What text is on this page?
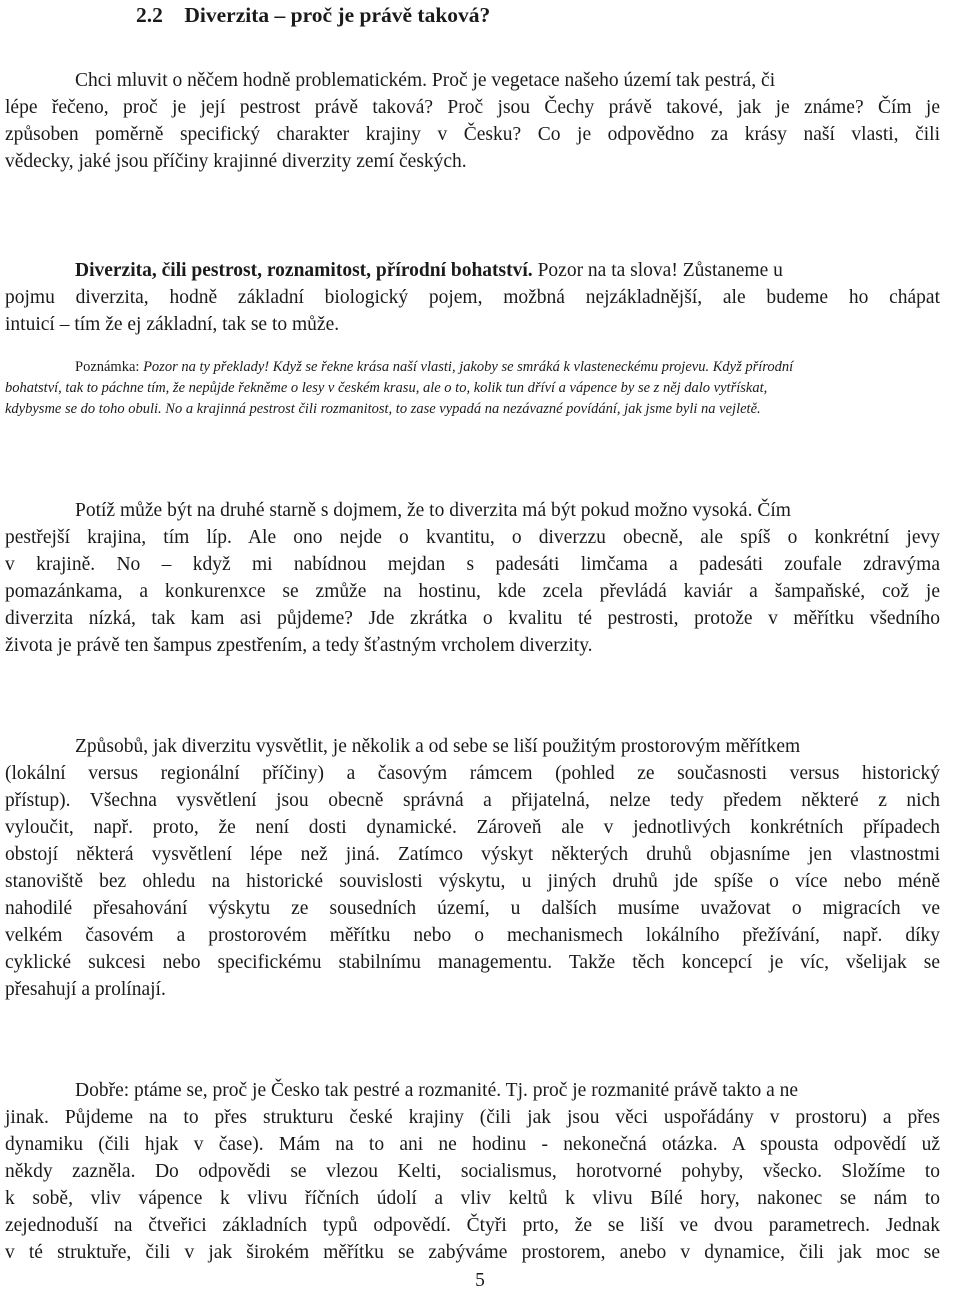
2.2 Diverzita – proč je právě taková?

Chci mluvit o něčem hodně problematickém. Proč je vegetace našeho území tak pestrá, či
lépe řečeno, proč je její pestrost právě taková? Proč jsou Čechy právě takové, jak je známe? Čím je
způsoben poměrně specifický charakter krajiny v Česku? Co je odpovědno za krásy naší vlasti, čili
vědecky, jaké jsou příčiny krajinné diverzity zemí českých.

Diverzita, čili pestrost, roznamitost, přírodní bohatství. Pozor na ta slova! Zůstaneme u
pojmu diverzita, hodně základní biologický pojem, možbná nejzákladnější, ale budeme ho chápat
intuicí – tím že ej základní, tak se to může.

Poznámka: Pozor na ty překlady! Když se řekne krása naší vlasti, jakoby se smráká k vlasteneckému projevu. Když přírodní
bohatství, tak to páchne tím, že nepůjde řekněme o lesy v českém krasu, ale o to, kolik tun dříví a vápence by se z něj dalo vytřískat,
kdybysme se do toho obuli. No a krajinná pestrost čili rozmanitost, to zase vypadá na nezávazné povídání, jak jsme byli na vejletě.

Potíž může být na druhé starně s dojmem, že to diverzita má být pokud možno vysoká. Čím
pestřejší krajina, tím líp. Ale ono nejde o kvantitu, o diverzzu obecně, ale spíš o konkrétní jevy
v krajině. No – když mi nabídnou mejdan s padesáti limčama a padesáti zoufale zdravýma
pomazánkama, a konkurenxce se zmůže na hostinu, kde zcela převládá kaviár a šampaňské, což je
diverzita nízká, tak kam asi půjdeme? Jde zkrátka o kvalitu té pestrosti, protože v měřítku všedního
života je právě ten šampus zpestřením, a tedy šťastným vrcholem diverzity.

Způsobů, jak diverzitu vysvětlit, je několik a od sebe se liší použitým prostorovým měřítkem
(lokální versus regionální příčiny) a časovým rámcem (pohled ze současnosti versus historický
přístup). Všechna vysvětlení jsou obecně správná a přijatelná, nelze tedy předem některé z nich
vyloučit, např. proto, že není dosti dynamické. Zároveň ale v jednotlivých konkrétních případech
obstojí některá vysvětlení lépe než jiná. Zatímco výskyt některých druhů objasníme jen vlastnostmi
stanoviště bez ohledu na historické souvislosti výskytu, u jiných druhů jde spíše o více nebo méně
nahodilé přesahování výskytu ze sousedních území, u dalších musíme uvažovat o migracích ve
velkém časovém a prostorovém měřítku nebo o mechanismech lokálního přežívání, např. díky
cyklické sukcesi nebo specifickému stabilnímu managementu. Takže těch koncepcí je víc, všelijak se
přesahují a prolínají.

Dobře: ptáme se, proč je Česko tak pestré a rozmanité. Tj. proč je rozmanité právě takto a ne
jinak. Půjdeme na to přes strukturu české krajiny (čili jak jsou věci uspořádány v prostoru) a přes
dynamiku (čili hjak v čase). Mám na to ani ne hodinu - nekonečná otázka. A spousta odpovědí už
někdy zazněla. Do odpovědi se vlezou Kelti, socialismus, horotvorné pohyby, všecko. Složíme to
k sobě, vliv vápence k vlivu říčních údolí a vliv keltů k vlivu Bílé hory, nakonec se nám to
zejednoduší na čtveřici základních typů odpovědí. Čtyři prto, že se liší ve dvou parametrech. Jednak
v té struktuře, čili v jak širokém měřítku se zabýváme prostorem, anebo v dynamice, čili jak moc se

5
